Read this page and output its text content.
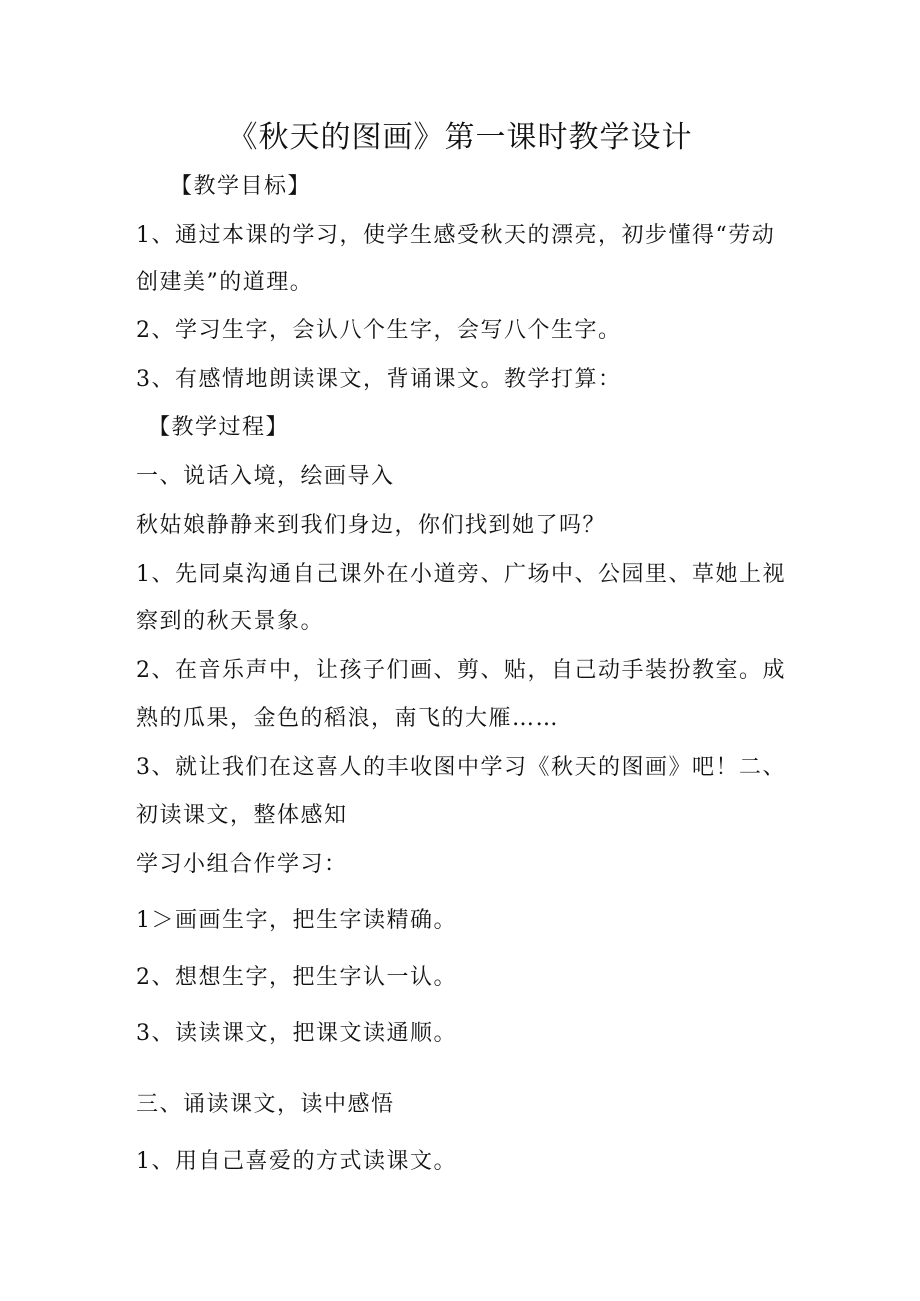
《秋天的图画》第一课时教学设计
【教学目标】
1、通过本课的学习，使学生感受秋天的漂亮，初步懂得“劳动
创建美”的道理。
2、学习生字，会认八个生字，会写八个生字。
3、有感情地朗读课文，背诵课文。教学打算：
【教学过程】
一、说话入境，绘画导入
秋姑娘静静来到我们身边，你们找到她了吗？
1、先同桌沟通自己课外在小道旁、广场中、公园里、草她上视
察到的秋天景象。
2、在音乐声中，让孩子们画、剪、贴，自己动手装扮教室。成
熟的瓜果，金色的稻浪，南飞的大雁……
3、就让我们在这喜人的丰收图中学习《秋天的图画》吧！二、
初读课文，整体感知
学习小组合作学习：
1＞画画生字，把生字读精确。
2、想想生字，把生字认一认。
3、读读课文，把课文读通顺。
三、诵读课文，读中感悟
1、用自己喜爱的方式读课文。
